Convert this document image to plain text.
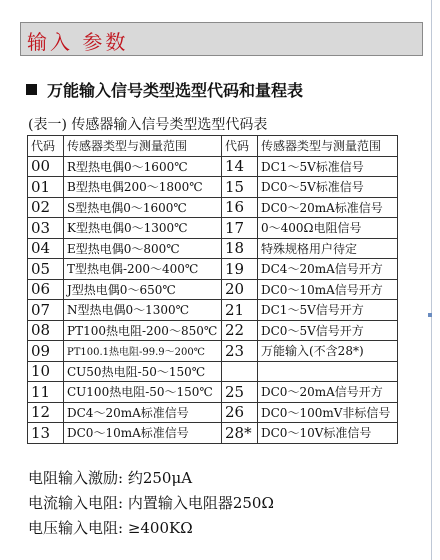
输入 参数
万能输入信号类型选型代码和量程表
(表一) 传感器输入信号类型选型代码表
代码	传感器类型与测量范围	代码	传感器类型与测量范围
00	R型热电偶0～1600℃	14	DC1～5V标准信号
01	B型热电偶200～1800℃	15	DC0～5V标准信号
02	S型热电偶0～1600℃	16	DC0～20mA标准信号
03	K型热电偶0～1300℃	17	0～400Ω电阻信号
04	E型热电偶0～800℃	18	特殊规格用户待定
05	T型热电偶-200～400℃	19	DC4～20mA信号开方
06	J型热电偶0～650℃	20	DC0～10mA信号开方
07	N型热电偶0～1300℃	21	DC1～5V信号开方
08	PT100热电阻-200～850℃	22	DC0～5V信号开方
09	PT100.1热电阻-99.9～200℃	23	万能输入(不含28*)
10	CU50热电阻-50～150℃		
11	CU100热电阻-50～150℃	25	DC0～20mA信号开方
12	DC4～20mA标准信号	26	DC0～100mV非标信号
13	DC0～10mA标准信号	28*	DC0～10V标准信号
电阻输入激励: 约250μA
电流输入电阻: 内置输入电阻器250Ω
电压输入电阻: ≥400KΩ
